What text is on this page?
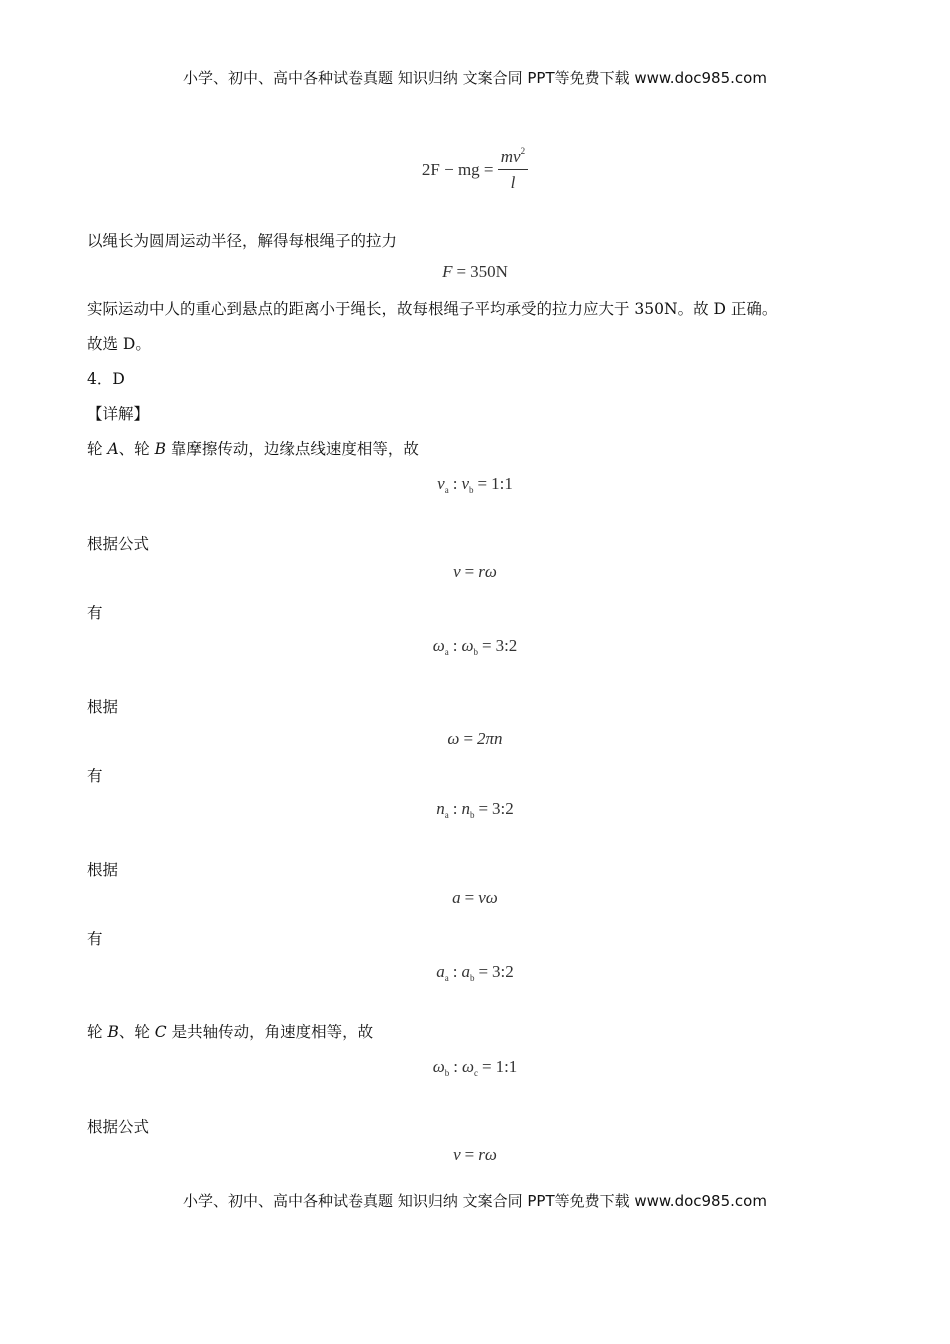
小学、初中、高中各种试卷真题 知识归纳 文案合同 PPT等免费下载 www.doc985.com
2F − mg = $\frac{mv^2}{l}$
以绳长为圆周运动半径，解得每根绳子的拉力
F = 350N
实际运动中人的重心到悬点的距离小于绳长，故每根绳子平均承受的拉力应大于 350N。故 D 正确。
故选 D。
4．D
【详解】
轮 A、轮 B 靠摩擦传动，边缘点线速度相等，故
$v_a$ : $v_b$ = 1:1
根据公式
v = rω
有
$\omega_a$ : $\omega_b$ = 3:2
根据
ω = 2πn
有
$n_a$ : $n_b$ = 3:2
根据
a = vω
有
$a_a$ : $a_b$ = 3:2
轮 B、轮 C 是共轴传动，角速度相等，故
$\omega_b$ : $\omega_c$ = 1:1
根据公式
v = rω
小学、初中、高中各种试卷真题 知识归纳 文案合同 PPT等免费下载 www.doc985.com
